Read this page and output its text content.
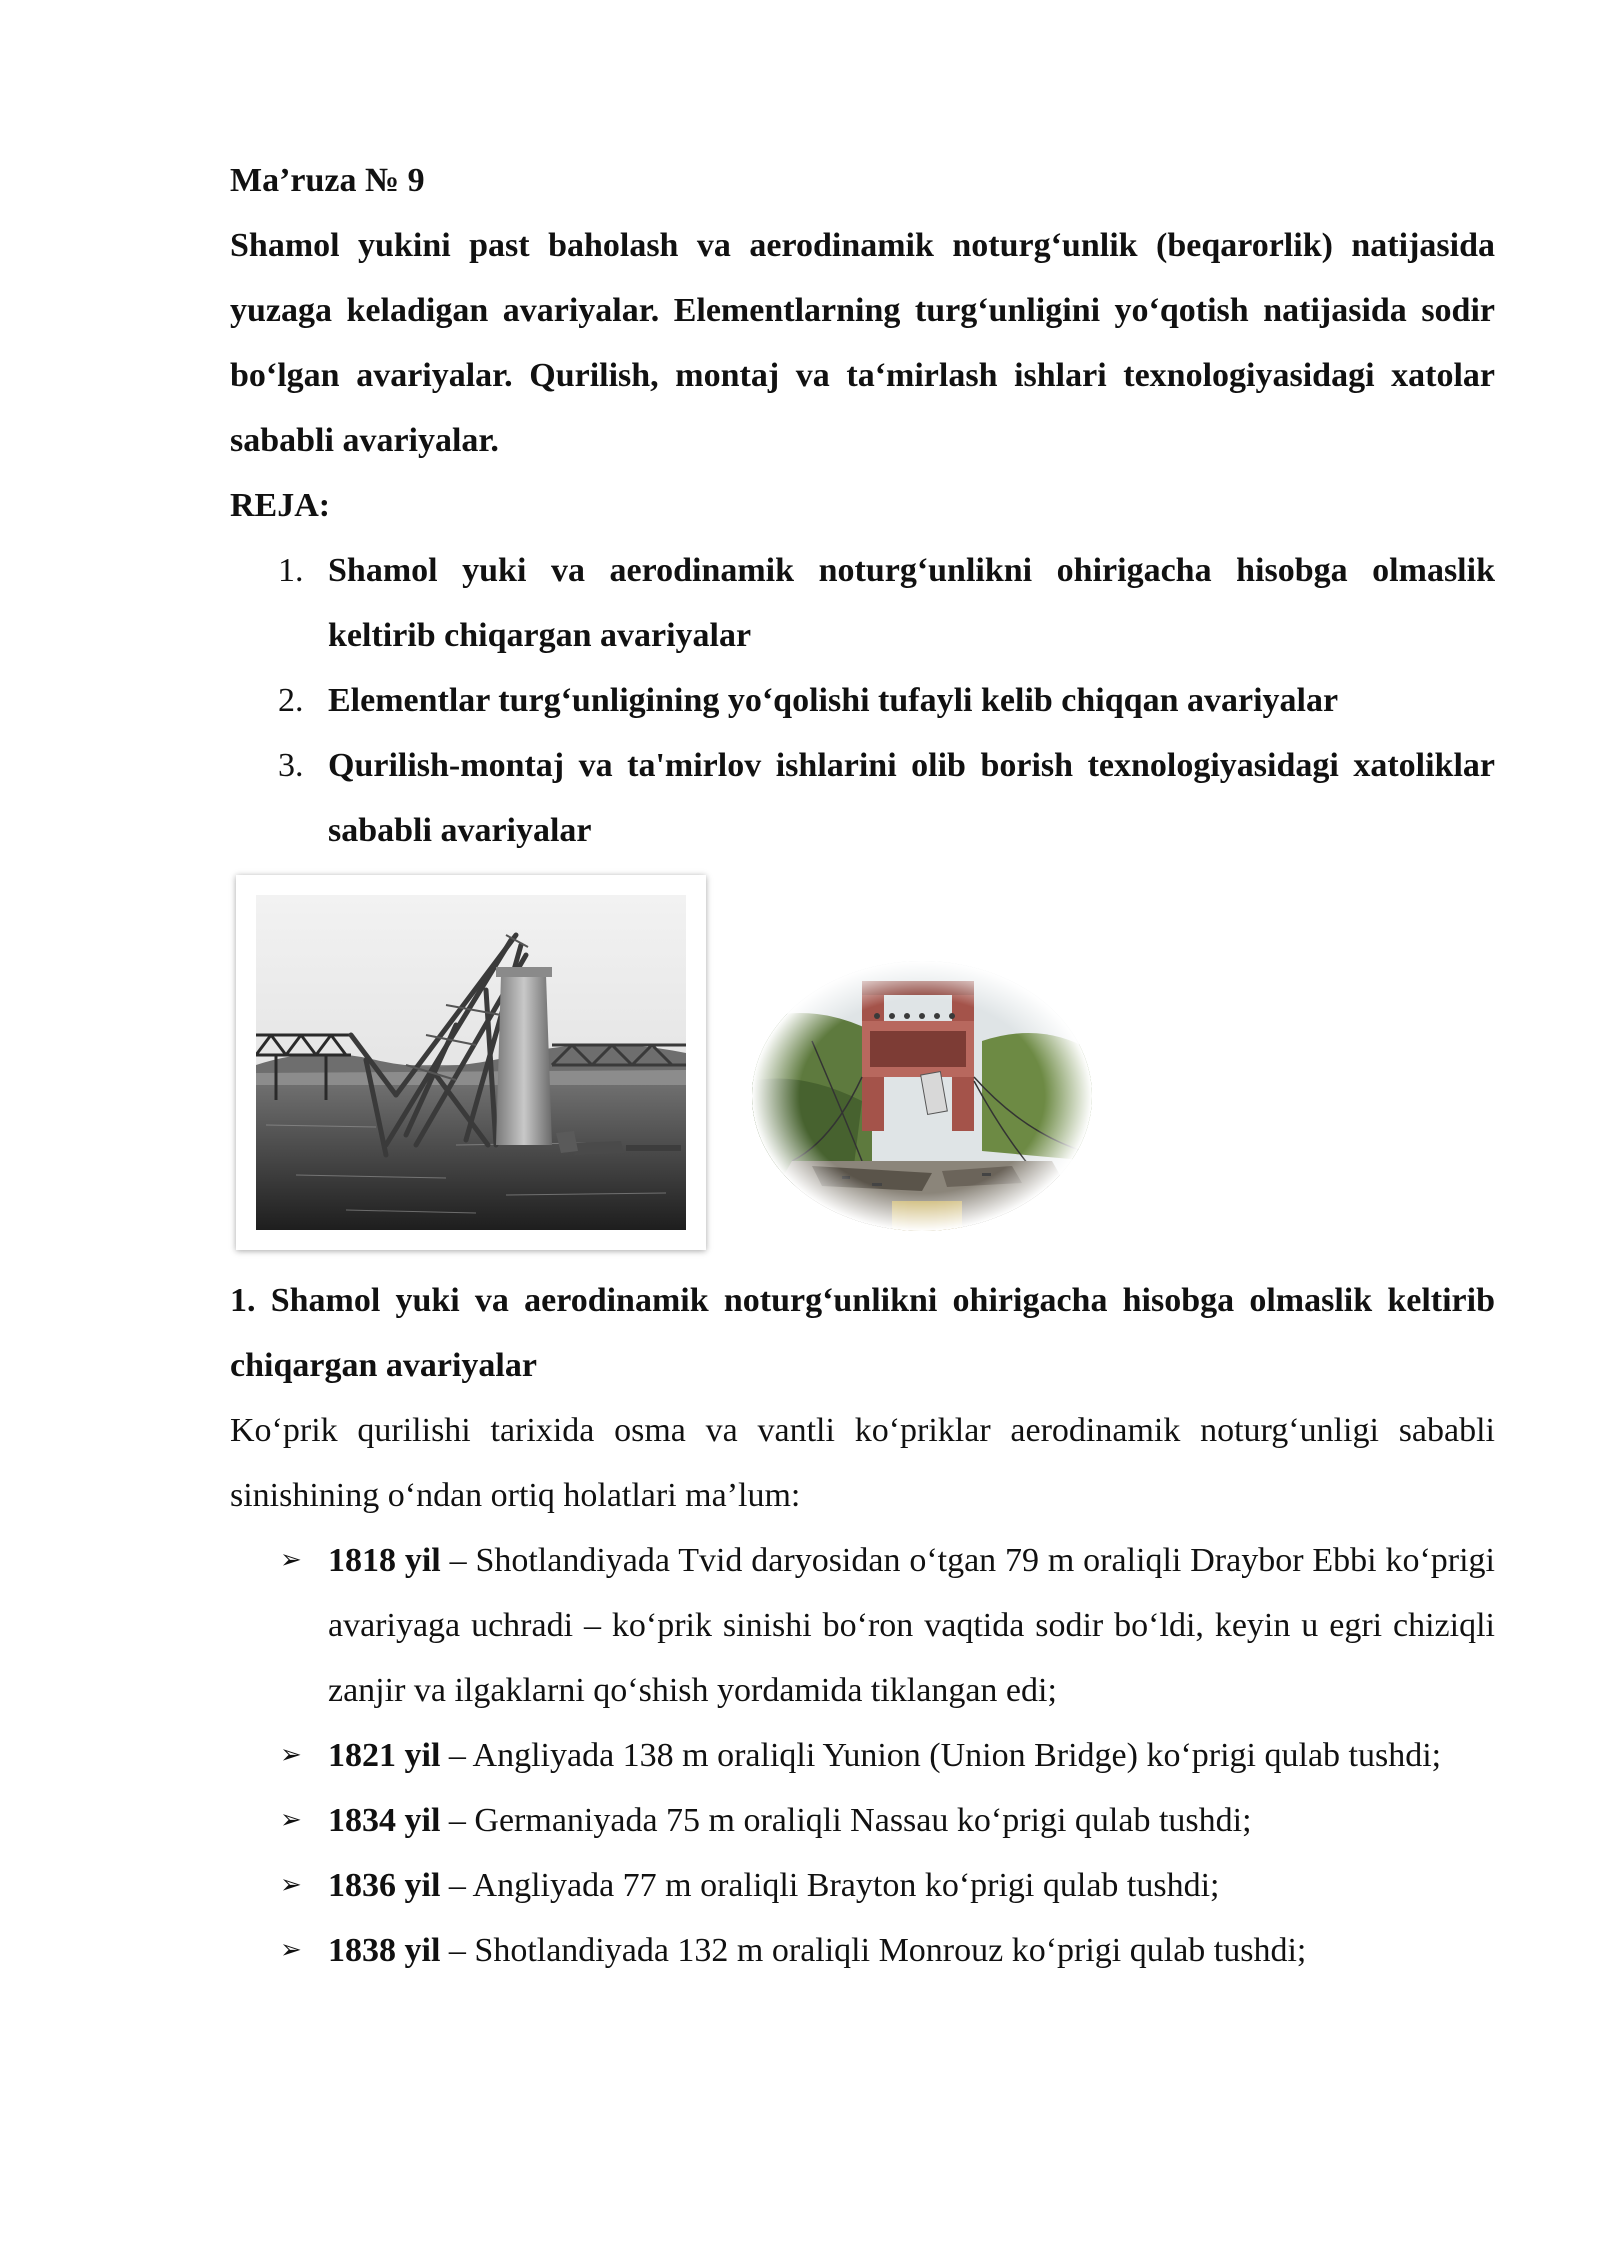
Ma’ruza № 9

Shamol yukini past baholash va aerodinamik noturg‘unlik (beqarorlik) natijasida yuzaga keladigan avariyalar. Elementlarning turg‘unligini yo‘qotish natijasida sodir bo‘lgan avariyalar. Qurilish, montaj va ta‘mirlash ishlari texnologiyasidagi xatolar sababli avariyalar.

REJA:

1. Shamol yuki va aerodinamik noturg‘unlikni ohirigacha hisobga olmaslik keltirib chiqargan avariyalar
2. Elementlar turg‘unligining yo‘qolishi tufayli kelib chiqqan avariyalar
3. Qurilish-montaj va ta'mirlov ishlarini olib borish texnologiyasidagi xatoliklar sababli avariyalar

1. Shamol yuki va aerodinamik noturg‘unlikni ohirigacha hisobga olmaslik keltirib chiqargan avariyalar

Ko‘prik qurilishi tarixida osma va vantli ko‘priklar aerodinamik noturg‘unligi sababli sinishining o‘ndan ortiq holatlari ma’lum:

➢ 1818 yil – Shotlandiyada Tvid daryosidan o‘tgan 79 m oraliqli Draybor Ebbi ko‘prigi avariyaga uchradi – ko‘prik sinishi bo‘ron vaqtida sodir bo‘ldi, keyin u egri chiziqli zanjir va ilgaklarni qo‘shish yordamida tiklangan edi;
➢ 1821 yil – Angliyada 138 m oraliqli Yunion (Union Bridge) ko‘prigi qulab tushdi;
➢ 1834 yil – Germaniyada 75 m oraliqli Nassau ko‘prigi qulab tushdi;
➢ 1836 yil – Angliyada 77 m oraliqli Brayton ko‘prigi qulab tushdi;
➢ 1838 yil – Shotlandiyada 132 m oraliqli Monrouz ko‘prigi qulab tushdi;
